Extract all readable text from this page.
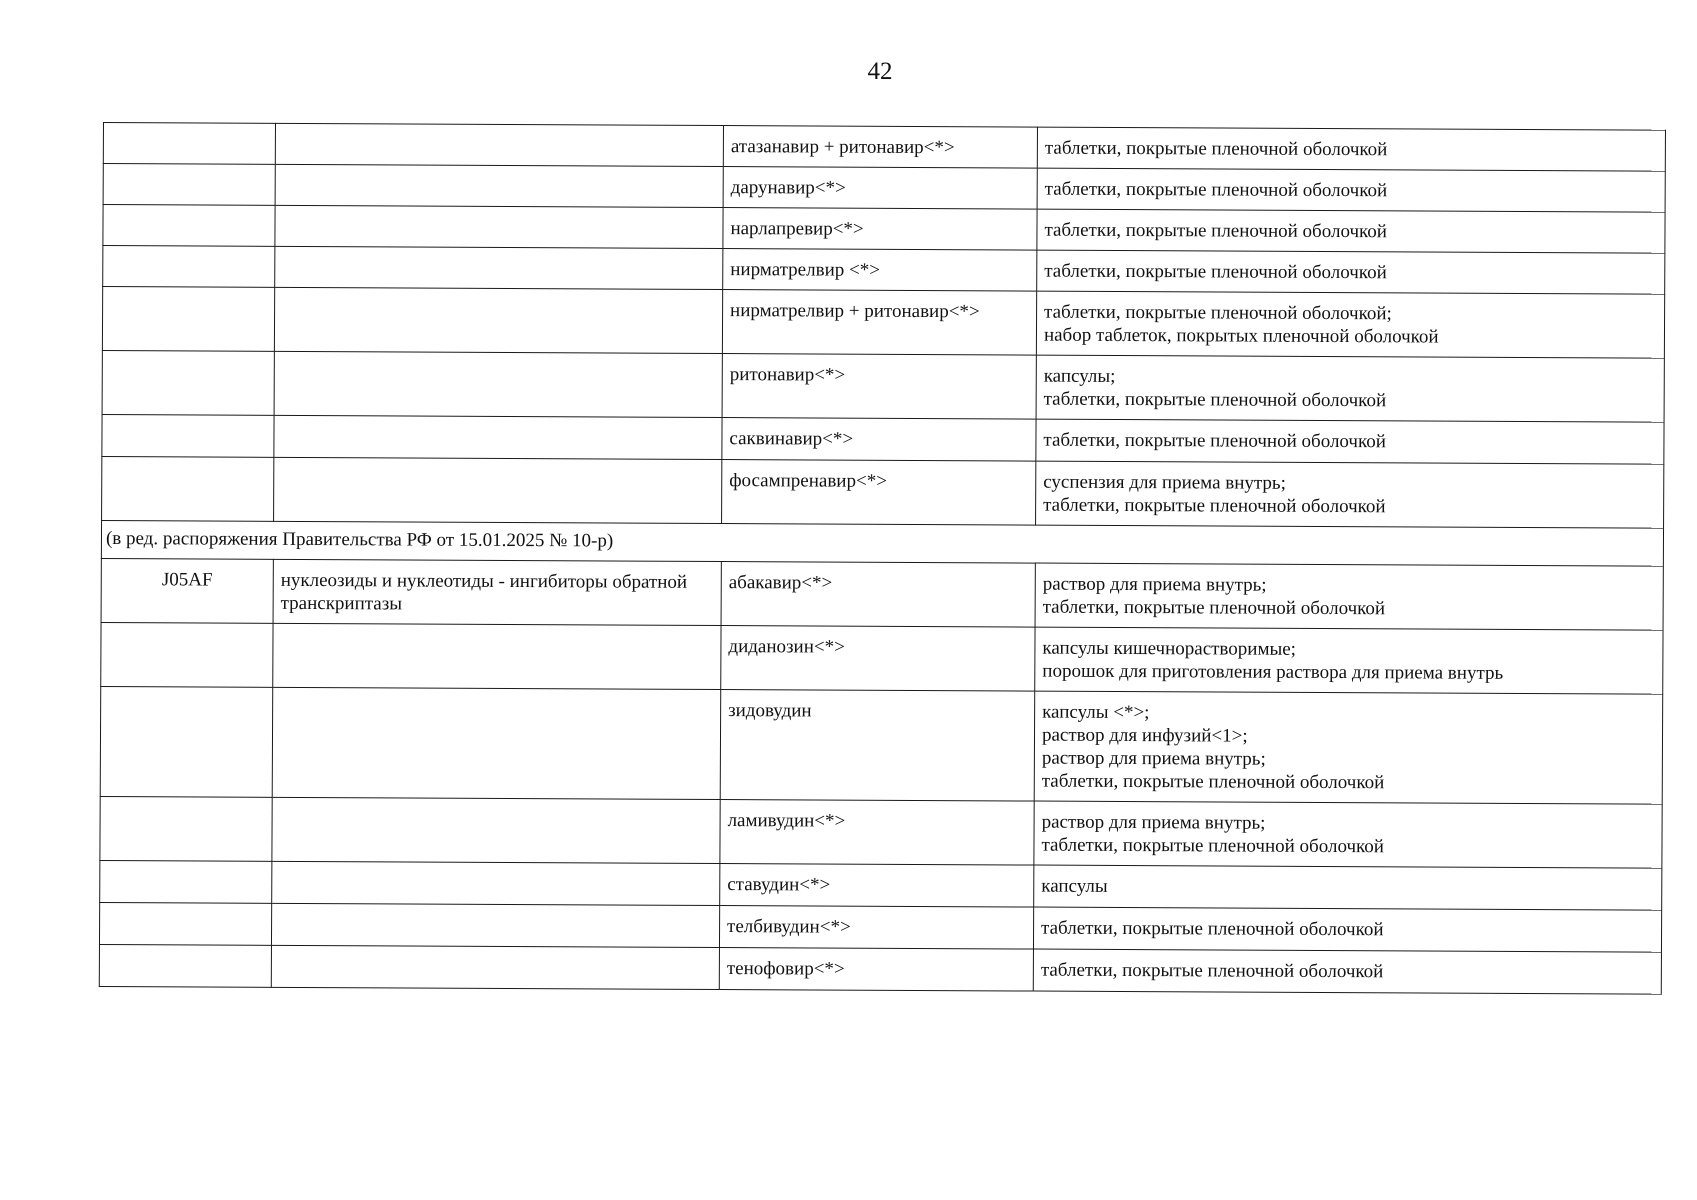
42
		атазанавир + ритонавир<*>	таблетки, покрытые пленочной оболочкой

		дарунавир<*>	таблетки, покрытые пленочной оболочкой

		нарлапревир<*>	таблетки, покрытые пленочной оболочкой

		нирматрелвир <*>	таблетки, покрытые пленочной оболочкой

		нирматрелвир + ритонавир<*>	таблетки, покрытые пленочной оболочкой;
набор таблеток, покрытых пленочной оболочкой

		ритонавир<*>	капсулы;
таблетки, покрытые пленочной оболочкой

		саквинавир<*>	таблетки, покрытые пленочной оболочкой

		фосампренавир<*>	суспензия для приема внутрь;
таблетки, покрытые пленочной оболочкой

(в ред. распоряжения Правительства РФ от 15.01.2025 № 10-р)			
J05AF	нуклеозиды и нуклеотиды - ингибиторы обратной транскриптазы	абакавир<*>	раствор для приема внутрь;
таблетки, покрытые пленочной оболочкой

		диданозин<*>	капсулы кишечнорастворимые;
порошок для приготовления раствора для приема внутрь

		зидовудин	капсулы <*>;
раствор для инфузий<1>;
раствор для приема внутрь;
таблетки, покрытые пленочной оболочкой

		ламивудин<*>	раствор для приема внутрь;
таблетки, покрытые пленочной оболочкой

		ставудин<*>	капсулы

		телбивудин<*>	таблетки, покрытые пленочной оболочкой

		тенофовир<*>	таблетки, покрытые пленочной оболочкой
